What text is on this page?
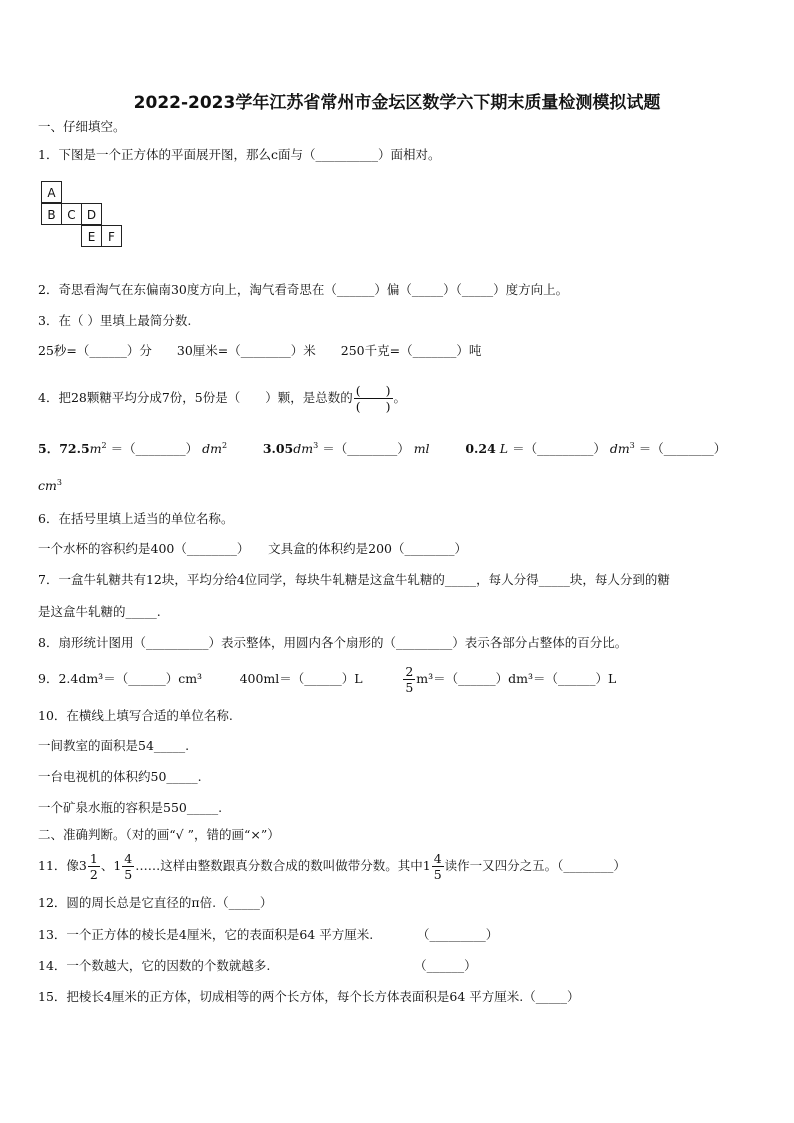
2022-2023学年江苏省常州市金坛区数学六下期末质量检测模拟试题
一、仔细填空。
1．下图是一个正方体的平面展开图，那么c面与（__________）面相对。
A
B C D
E	F
2．奇思看淘气在东偏南30度方向上，淘气看奇思在（______）偏（_____）（_____）度方向上。
3．在（ ）里填上最简分数.
25秒=（______）分　　30厘米=（________）米　　250千克=（_______）吨
4．把28颗糖平均分成7份，5份是（　　）颗，是总数的 $\frac{( )}{( )}$ 。
5．$72.5m^2$ ＝（________） $dm^2$	$3.05dm^3$ ＝（________） ml	0.24 L ＝（_________） $dm^3$ ＝（________）
$cm^3$
6．在括号里填上适当的单位名称。
一个水杯的容积约是400（________）　　文具盒的体积约是200（________）
7．一盒牛轧糖共有12块，平均分给4位同学，每块牛轧糖是这盒牛轧糖的_____，每人分得_____块，每人分到的糖
是这盒牛轧糖的_____.
8．扇形统计图用（__________）表示整体，用圆内各个扇形的（_________）表示各部分占整体的百分比。
9．2.4dm³＝（______）cm³　　　400ml＝（______）L	$\frac{2}{5}$ m³＝（______）dm³＝（______）L
10．在横线上填写合适的单位名称.
一间教室的面积是54_____.
一台电视机的体积约50_____.
一个矿泉水瓶的容积是550_____.
二、准确判断。（对的画“√ ”，错的画“×”）
11．像$3 \frac{1}{2}$ 、$1 \frac{4}{5}$ ……这样由整数跟真分数合成的数叫做带分数。其中$1 \frac{4}{5}$ 读作一又四分之五。（________）
12．圆的周长总是它直径的π倍.（_____）
13．一个正方体的棱长是4厘米，它的表面积是64 平方厘米.　　　　（_________）
14．一个数越大，它的因数的个数就越多.　　　　　　　　　　　　（______）
15．把棱长4厘米的正方体，切成相等的两个长方体，每个长方体表面积是64 平方厘米.（_____）
